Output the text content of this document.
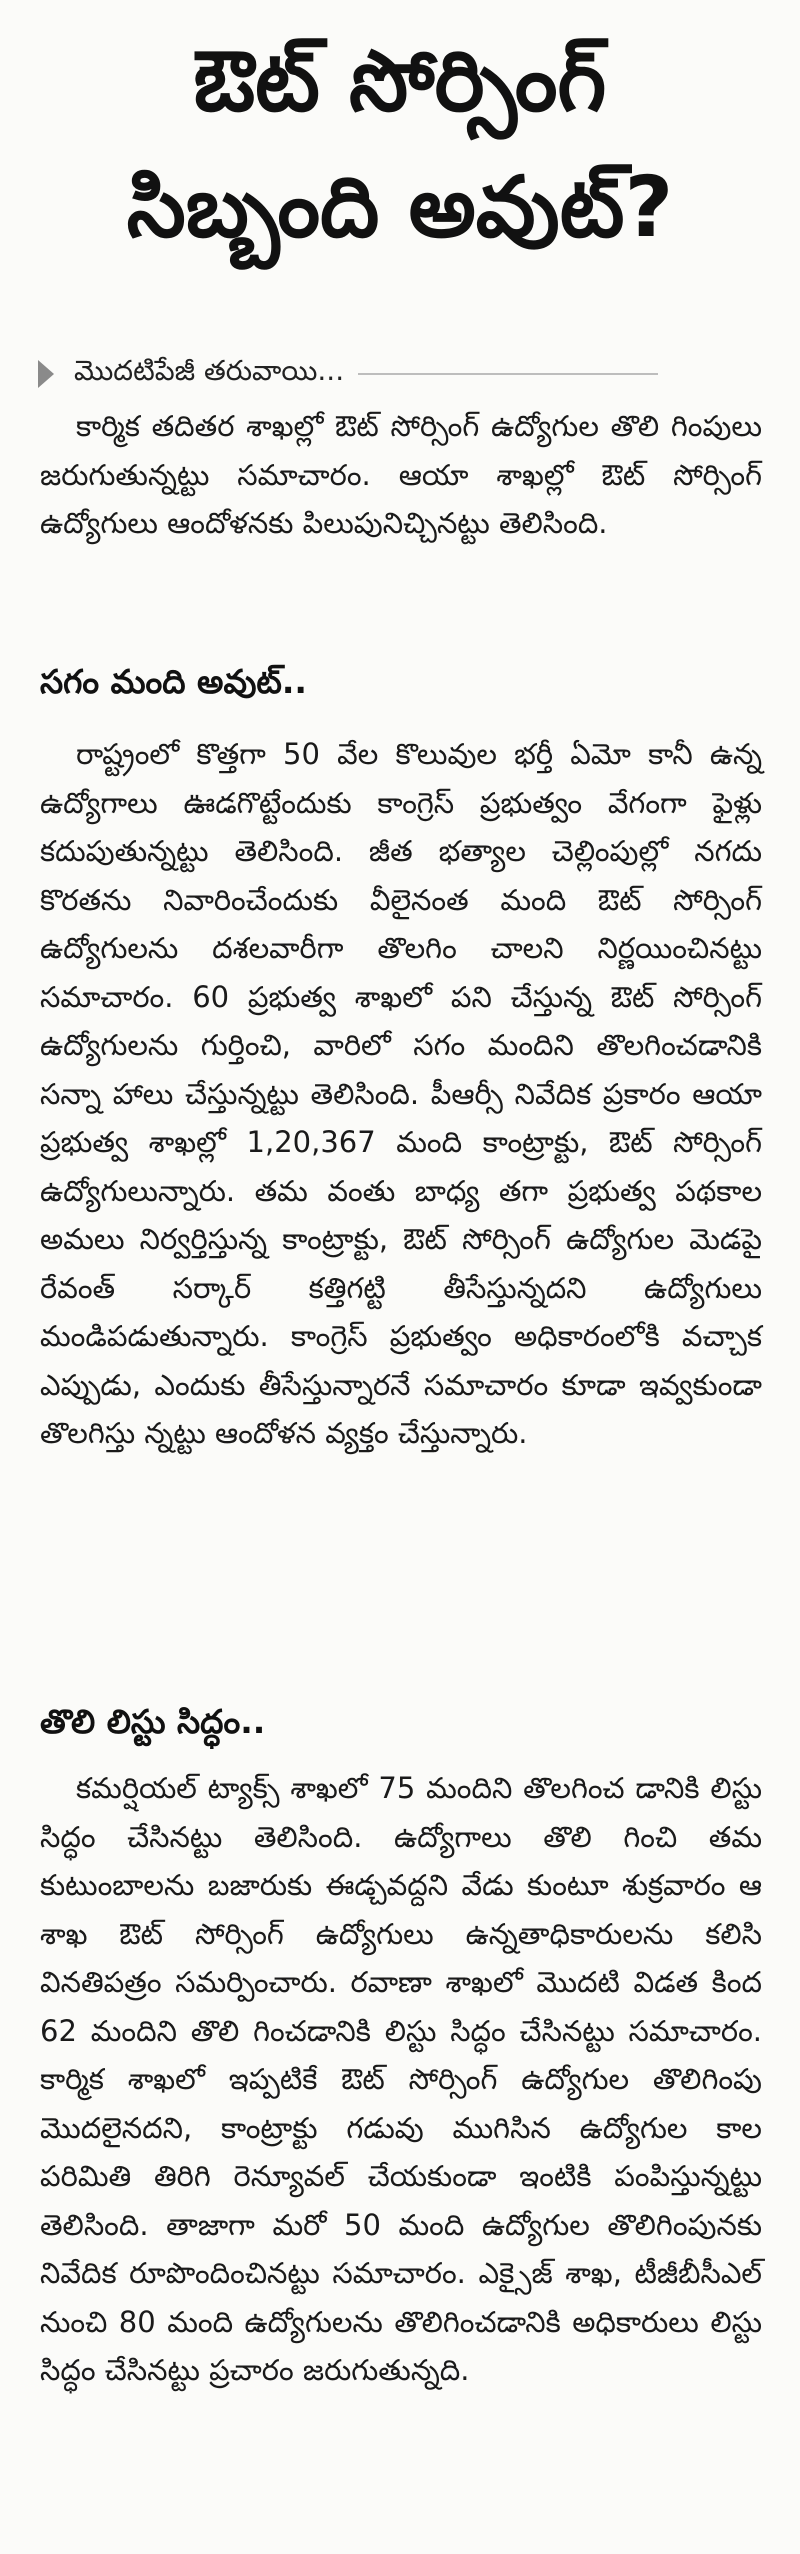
ఔట్ సోర్సింగ్
సిబ్బంది అవుట్?
మొదటిపేజీ తరువాయి...

కార్మిక తదితర శాఖల్లో ఔట్ సోర్సింగ్ ఉద్యోగుల తొలి గింపులు జరుగుతున్నట్టు సమాచారం. ఆయా శాఖల్లో ఔట్ సోర్సింగ్ ఉద్యోగులు ఆందోళనకు పిలుపునిచ్చినట్టు తెలిసింది.

సగం మంది అవుట్..

రాష్ట్రంలో కొత్తగా 50 వేల కొలువుల భర్తీ ఏమో కానీ ఉన్న ఉద్యోగాలు ఊడగొట్టేందుకు కాంగ్రెస్ ప్రభుత్వం వేగంగా ఫైళ్లు కదుపుతున్నట్టు తెలిసింది. జీత భత్యాల చెల్లింపుల్లో నగదు కొరతను నివారించేందుకు వీలైనంత మంది ఔట్ సోర్సింగ్ ఉద్యోగులను దశలవారీగా తొలగిం చాలని నిర్ణయించినట్టు సమాచారం. 60 ప్రభుత్వ శాఖలో పని చేస్తున్న ఔట్ సోర్సింగ్ ఉద్యోగులను గుర్తించి, వారిలో సగం మందిని తొలగించడానికి సన్నా హాలు చేస్తున్నట్టు తెలిసింది. పీఆర్సీ నివేదిక ప్రకారం ఆయా ప్రభుత్వ శాఖల్లో 1,20,367 మంది కాంట్రాక్టు, ఔట్ సోర్సింగ్ ఉద్యోగులున్నారు. తమ వంతు బాధ్య తగా ప్రభుత్వ పథకాల అమలు నిర్వర్తిస్తున్న కాంట్రాక్టు, ఔట్ సోర్సింగ్ ఉద్యోగుల మెడపై రేవంత్ సర్కార్ కత్తిగట్టి తీసేస్తున్నదని ఉద్యోగులు మండిపడుతున్నారు. కాంగ్రెస్ ప్రభుత్వం అధికారంలోకి వచ్చాక ఎప్పుడు, ఎందుకు తీసేస్తున్నారనే సమాచారం కూడా ఇవ్వకుండా తొలగిస్తు న్నట్టు ఆందోళన వ్యక్తం చేస్తున్నారు.

తొలి లిస్టు సిద్ధం..

కమర్షియల్ ట్యాక్స్ శాఖలో 75 మందిని తొలగించ డానికి లిస్టు సిద్ధం చేసినట్టు తెలిసింది. ఉద్యోగాలు తొలి గించి తమ కుటుంబాలను బజారుకు ఈడ్చవద్దని వేడు కుంటూ శుక్రవారం ఆ శాఖ ఔట్ సోర్సింగ్ ఉద్యోగులు ఉన్నతాధికారులను కలిసి వినతిపత్రం సమర్పించారు. రవాణా శాఖలో మొదటి విడత కింద 62 మందిని తొలి గించడానికి లిస్టు సిద్ధం చేసినట్టు సమాచారం. కార్మిక శాఖలో ఇప్పటికే ఔట్ సోర్సింగ్ ఉద్యోగుల తొలిగింపు మొదలైనదని, కాంట్రాక్టు గడువు ముగిసిన ఉద్యోగుల కాల పరిమితి తిరిగి రెన్యూవల్ చేయకుండా ఇంటికి పంపిస్తున్నట్టు తెలిసింది. తాజాగా మరో 50 మంది ఉద్యోగుల తొలిగింపునకు నివేదిక రూపొందించినట్టు సమాచారం. ఎక్సైజ్ శాఖ, టీజీబీసీఎల్ నుంచి 80 మంది ఉద్యోగులను తొలిగించడానికి అధికారులు లిస్టు సిద్ధం చేసినట్టు ప్రచారం జరుగుతున్నది.
